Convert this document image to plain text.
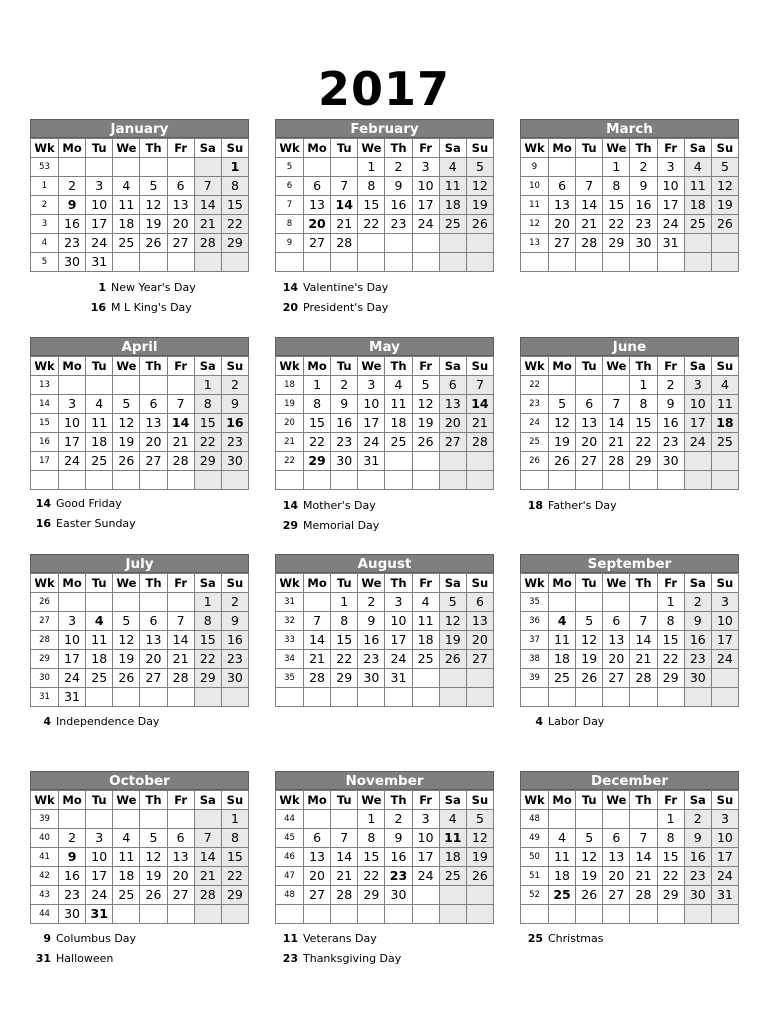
2017
January
Wk	Mo	Tu	We	Th	Fr	Sa	Su
53							1
1	2	3	4	5	6	7	8
2	9	10	11	12	13	14	15
3	16	17	18	19	20	21	22
4	23	24	25	26	27	28	29
5	30	31					
February
Wk	Mo	Tu	We	Th	Fr	Sa	Su
5			1	2	3	4	5
6	6	7	8	9	10	11	12
7	13	14	15	16	17	18	19
8	20	21	22	23	24	25	26
9	27	28					

March
Wk	Mo	Tu	We	Th	Fr	Sa	Su
9			1	2	3	4	5
10	6	7	8	9	10	11	12
11	13	14	15	16	17	18	19
12	20	21	22	23	24	25	26
13	27	28	29	30	31		

April
Wk	Mo	Tu	We	Th	Fr	Sa	Su
13						1	2
14	3	4	5	6	7	8	9
15	10	11	12	13	14	15	16
16	17	18	19	20	21	22	23
17	24	25	26	27	28	29	30

May
Wk	Mo	Tu	We	Th	Fr	Sa	Su
18	1	2	3	4	5	6	7
19	8	9	10	11	12	13	14
20	15	16	17	18	19	20	21
21	22	23	24	25	26	27	28
22	29	30	31				

June
Wk	Mo	Tu	We	Th	Fr	Sa	Su
22				1	2	3	4
23	5	6	7	8	9	10	11
24	12	13	14	15	16	17	18
25	19	20	21	22	23	24	25
26	26	27	28	29	30		

July
Wk	Mo	Tu	We	Th	Fr	Sa	Su
26						1	2
27	3	4	5	6	7	8	9
28	10	11	12	13	14	15	16
29	17	18	19	20	21	22	23
30	24	25	26	27	28	29	30
31	31						
August
Wk	Mo	Tu	We	Th	Fr	Sa	Su
31		1	2	3	4	5	6
32	7	8	9	10	11	12	13
33	14	15	16	17	18	19	20
34	21	22	23	24	25	26	27
35	28	29	30	31			

September
Wk	Mo	Tu	We	Th	Fr	Sa	Su
35					1	2	3
36	4	5	6	7	8	9	10
37	11	12	13	14	15	16	17
38	18	19	20	21	22	23	24
39	25	26	27	28	29	30	

October
Wk	Mo	Tu	We	Th	Fr	Sa	Su
39							1
40	2	3	4	5	6	7	8
41	9	10	11	12	13	14	15
42	16	17	18	19	20	21	22
43	23	24	25	26	27	28	29
44	30	31					
November
Wk	Mo	Tu	We	Th	Fr	Sa	Su
44			1	2	3	4	5
45	6	7	8	9	10	11	12
46	13	14	15	16	17	18	19
47	20	21	22	23	24	25	26
48	27	28	29	30			

December
Wk	Mo	Tu	We	Th	Fr	Sa	Su
48					1	2	3
49	4	5	6	7	8	9	10
50	11	12	13	14	15	16	17
51	18	19	20	21	22	23	24
52	25	26	27	28	29	30	31

1 New Year's Day
16 M L King's Day
14 Valentine's Day
20 President's Day
14 Good Friday
16 Easter Sunday
14 Mother's Day
29 Memorial Day
18 Father's Day
4 Independence Day	4 Labor Day
9 Columbus Day
31 Halloween
11 Veterans Day
23 Thanksgiving Day
25 Christmas
